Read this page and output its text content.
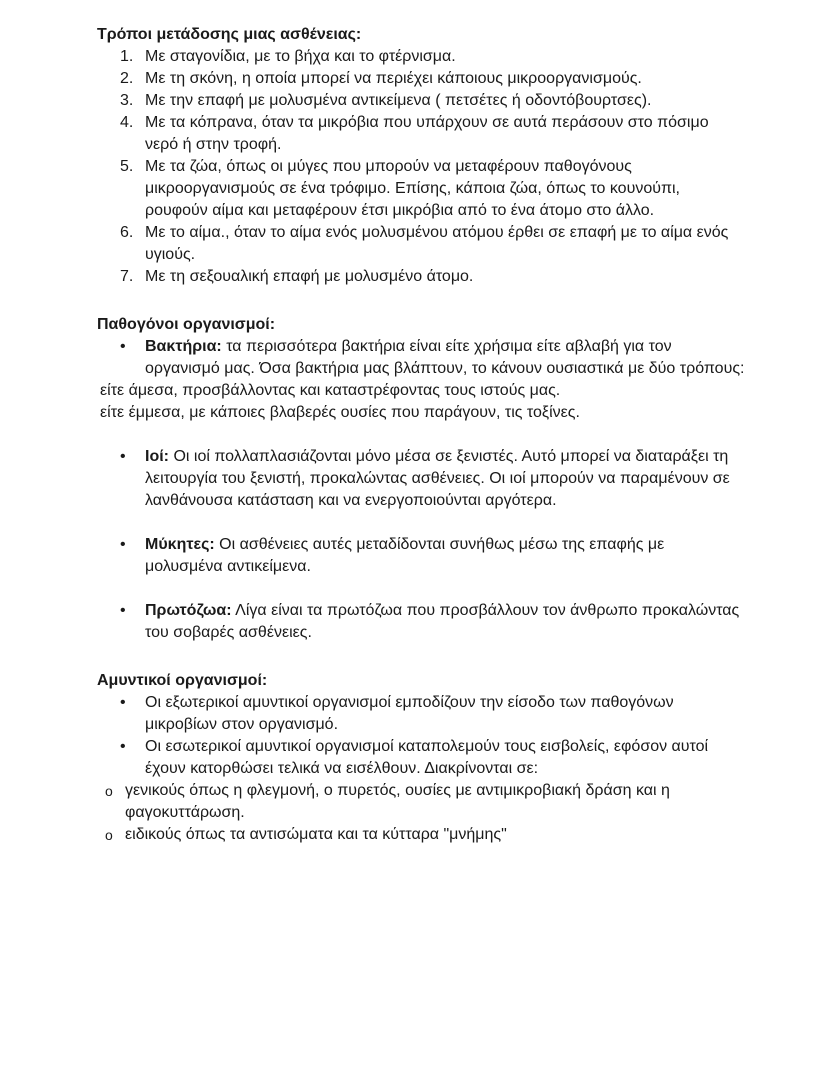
Τρόποι μετάδοσης μιας ασθένειας:
1. Με σταγονίδια, με το βήχα και το φτέρνισμα.
2. Με τη σκόνη, η οποία μπορεί να περιέχει κάποιους μικροοργανισμούς.
3. Με την επαφή με μολυσμένα αντικείμενα ( πετσέτες ή οδοντόβουρτσες).
4. Με τα κόπρανα, όταν τα μικρόβια που υπάρχουν σε αυτά περάσουν στο πόσιμο νερό ή στην τροφή.
5. Με τα ζώα, όπως οι μύγες που μπορούν να μεταφέρουν παθογόνους μικροοργανισμούς σε ένα τρόφιμο. Επίσης, κάποια ζώα, όπως το κουνούπι, ρουφούν αίμα και μεταφέρουν έτσι μικρόβια από το ένα άτομο στο άλλο.
6. Με το αίμα., όταν το αίμα ενός μολυσμένου ατόμου έρθει σε επαφή με το αίμα ενός υγιούς.
7. Με τη σεξουαλική επαφή με μολυσμένο άτομο.
Παθογόνοι οργανισμοί:
•	Βακτήρια: τα περισσότερα βακτήρια είναι είτε χρήσιμα είτε αβλαβή για τον οργανισμό μας. Όσα βακτήρια μας βλάπτουν, το κάνουν ουσιαστικά με δύο τρόπους:

είτε άμεσα, προσβάλλοντας και καταστρέφοντας τους ιστούς μας.

είτε έμμεσα, με κάποιες βλαβερές ουσίες που παράγουν, τις τοξίνες.

•	Ιοί: Οι ιοί πολλαπλασιάζονται μόνο μέσα σε ξενιστές. Αυτό μπορεί να διαταράξει τη λειτουργία του ξενιστή, προκαλώντας ασθένειες. Οι ιοί μπορούν να παραμένουν σε λανθάνουσα κατάσταση και να ενεργοποιούνται αργότερα.
•	Μύκητες: Οι ασθένειες αυτές μεταδίδονται συνήθως μέσω της επαφής με μολυσμένα αντικείμενα.
•	Πρωτόζωα: Λίγα είναι τα πρωτόζωα που προσβάλλουν τον άνθρωπο προκαλώντας του σοβαρές ασθένειες.
Αμυντικοί οργανισμοί:
•	Οι εξωτερικοί αμυντικοί οργανισμοί εμποδίζουν την είσοδο των παθογόνων μικροβίων στον οργανισμό.
•	Οι εσωτερικοί αμυντικοί οργανισμοί καταπολεμούν τους εισβολείς, εφόσον αυτοί έχουν κατορθώσει τελικά να εισέλθουν. Διακρίνονται σε:
o γενικούς όπως η φλεγμονή, ο πυρετός, ουσίες με αντιμικροβιακή δράση και η φαγοκυττάρωση.
o ειδικούς όπως τα αντισώματα και τα κύτταρα "μνήμης"
